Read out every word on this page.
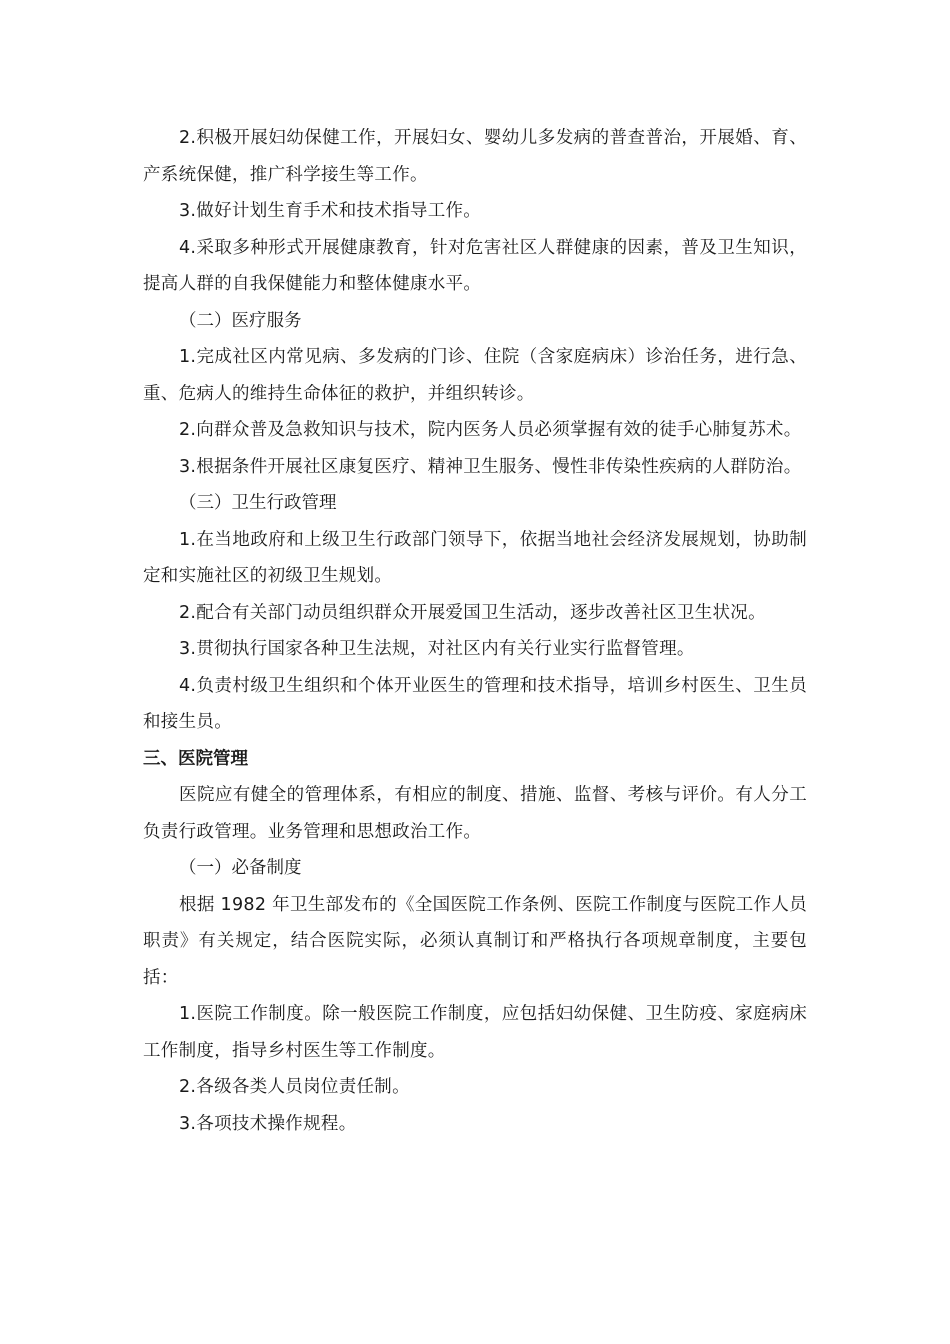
2.积极开展妇幼保健工作，开展妇女、婴幼儿多发病的普查普治，开展婚、育、产系统保健，推广科学接生等工作。

3.做好计划生育手术和技术指导工作。

4.采取多种形式开展健康教育，针对危害社区人群健康的因素，普及卫生知识，提高人群的自我保健能力和整体健康水平。

（二）医疗服务

1.完成社区内常见病、多发病的门诊、住院（含家庭病床）诊治任务，进行急、重、危病人的维持生命体征的救护，并组织转诊。

2.向群众普及急救知识与技术，院内医务人员必须掌握有效的徒手心肺复苏术。

3.根据条件开展社区康复医疗、精神卫生服务、慢性非传染性疾病的人群防治。

（三）卫生行政管理

1.在当地政府和上级卫生行政部门领导下，依据当地社会经济发展规划，协助制定和实施社区的初级卫生规划。

2.配合有关部门动员组织群众开展爱国卫生活动，逐步改善社区卫生状况。

3.贯彻执行国家各种卫生法规，对社区内有关行业实行监督管理。

4.负责村级卫生组织和个体开业医生的管理和技术指导，培训乡村医生、卫生员和接生员。

三、医院管理

医院应有健全的管理体系，有相应的制度、措施、监督、考核与评价。有人分工负责行政管理。业务管理和思想政治工作。

（一）必备制度

根据 1982 年卫生部发布的《全国医院工作条例、医院工作制度与医院工作人员职责》有关规定，结合医院实际，必须认真制订和严格执行各项规章制度，主要包括：

1.医院工作制度。除一般医院工作制度，应包括妇幼保健、卫生防疫、家庭病床工作制度，指导乡村医生等工作制度。

2.各级各类人员岗位责任制。

3.各项技术操作规程。
